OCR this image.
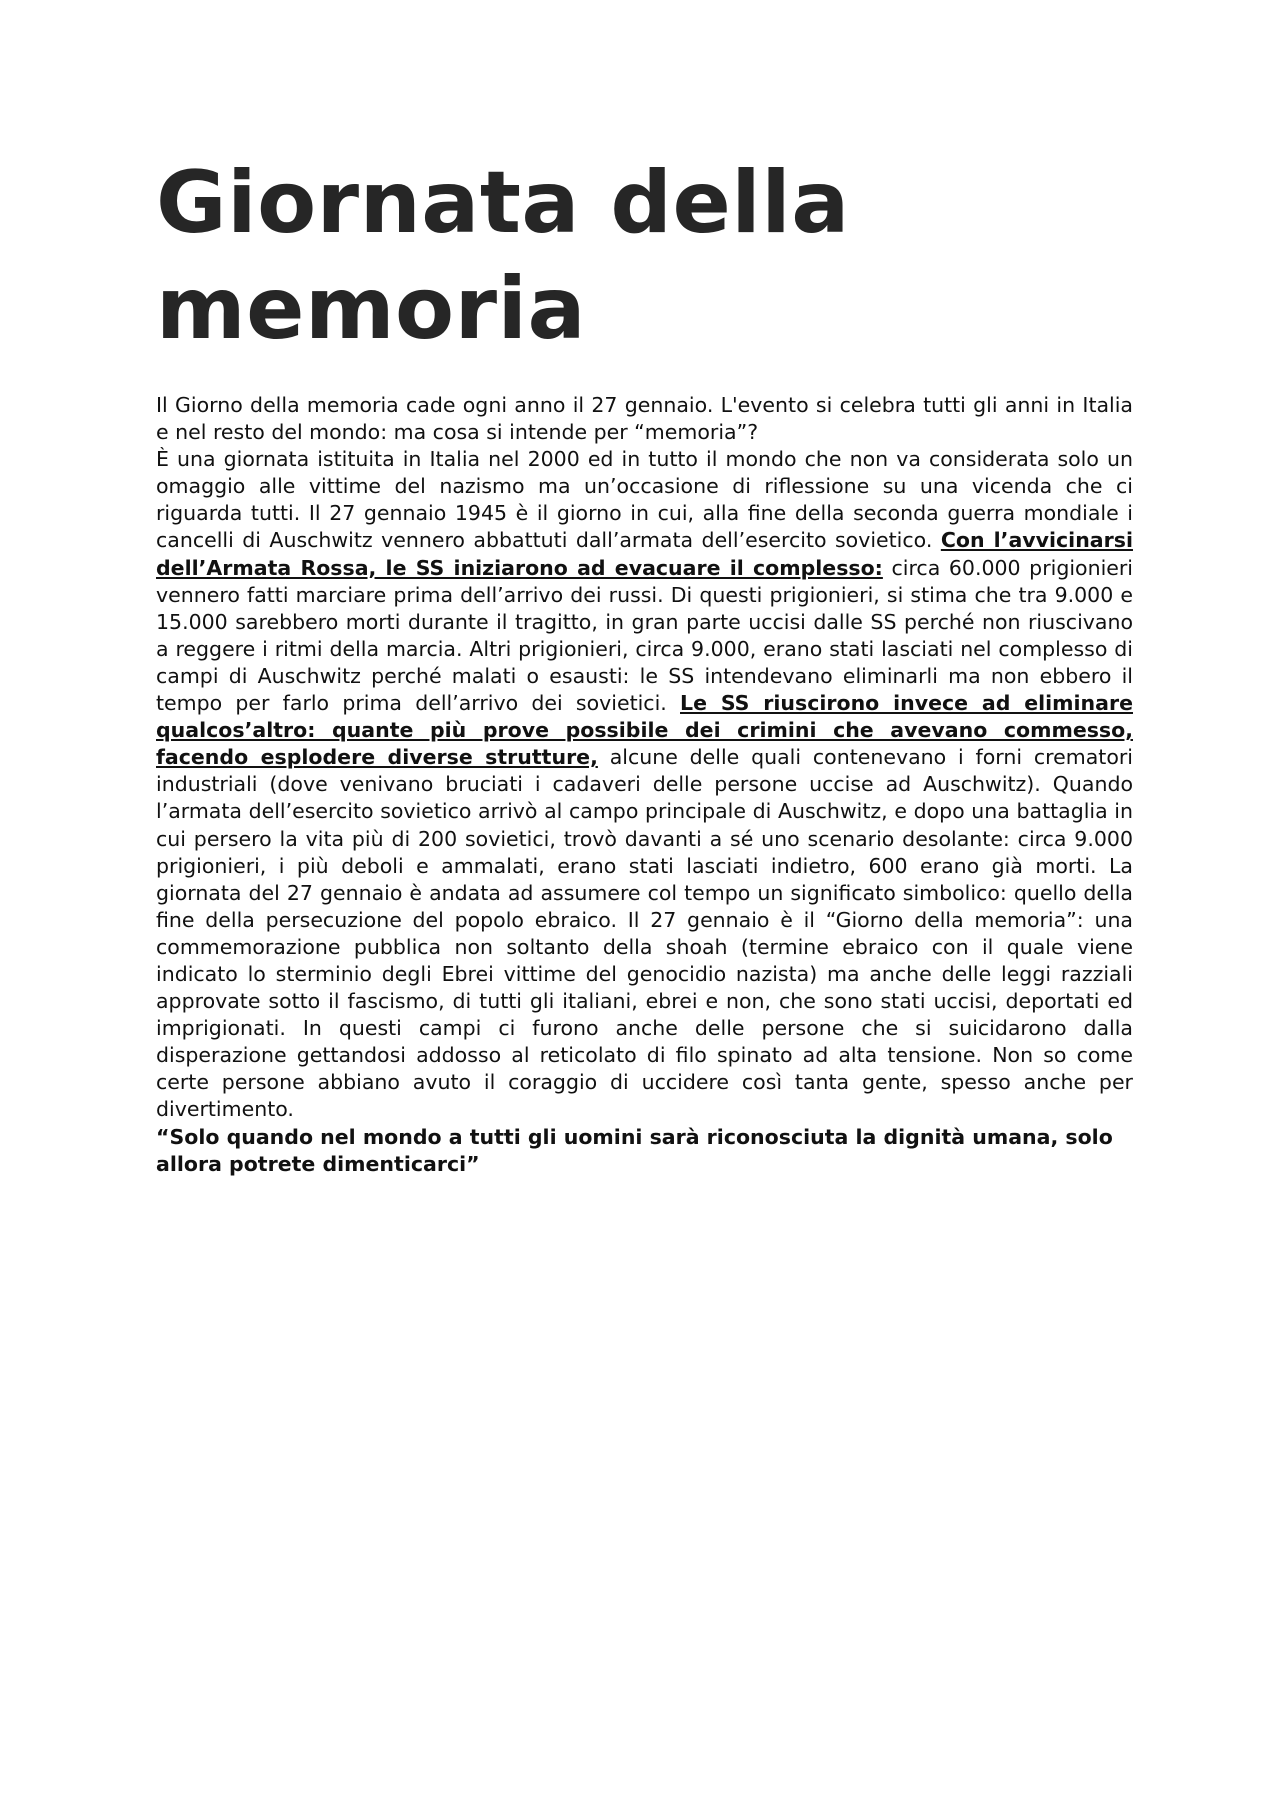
Giornata della
memoria

Il Giorno della memoria cade ogni anno il 27 gennaio. L'evento si celebra tutti gli anni in Italia e nel resto del mondo: ma cosa si intende per “memoria”?

È una giornata istituita in Italia nel 2000 ed in tutto il mondo che non va considerata solo un omaggio alle vittime del nazismo ma un’occasione di riflessione su una vicenda che ci riguarda tutti. Il 27 gennaio 1945 è il giorno in cui, alla fine della seconda guerra mondiale i cancelli di Auschwitz vennero abbattuti dall’armata dell’esercito sovietico. Con l’avvicinarsi dell’Armata Rossa, le SS iniziarono ad evacuare il complesso: circa 60.000 prigionieri vennero fatti marciare prima dell’arrivo dei russi. Di questi prigionieri, si stima che tra 9.000 e 15.000 sarebbero morti durante il tragitto, in gran parte uccisi dalle SS perché non riuscivano a reggere i ritmi della marcia. Altri prigionieri, circa 9.000, erano stati lasciati nel complesso di campi di Auschwitz perché malati o esausti: le SS intendevano eliminarli ma non ebbero il tempo per farlo prima dell’arrivo dei sovietici. Le SS riuscirono invece ad eliminare qualcos’altro: quante più prove possibile dei crimini che avevano commesso, facendo esplodere diverse strutture, alcune delle quali contenevano i forni crematori industriali (dove venivano bruciati i cadaveri delle persone uccise ad Auschwitz). Quando l’armata dell’esercito sovietico arrivò al campo principale di Auschwitz, e dopo una battaglia in cui persero la vita più di 200 sovietici, trovò davanti a sé uno scenario desolante: circa 9.000 prigionieri, i più deboli e ammalati, erano stati lasciati indietro, 600 erano già morti. La giornata del 27 gennaio è andata ad assumere col tempo un significato simbolico: quello della fine della persecuzione del popolo ebraico. Il 27 gennaio è il “Giorno della memoria”: una commemorazione pubblica non soltanto della shoah (termine ebraico con il quale viene indicato lo sterminio degli Ebrei vittime del genocidio nazista) ma anche delle leggi razziali approvate sotto il fascismo, di tutti gli italiani, ebrei e non, che sono stati uccisi, deportati ed imprigionati. In questi campi ci furono anche delle persone che si suicidarono dalla disperazione gettandosi addosso al reticolato di filo spinato ad alta tensione. Non so come certe persone abbiano avuto il coraggio di uccidere così tanta gente, spesso anche per divertimento.

“Solo quando nel mondo a tutti gli uomini sarà riconosciuta la dignità umana, solo allora potrete dimenticarci”
